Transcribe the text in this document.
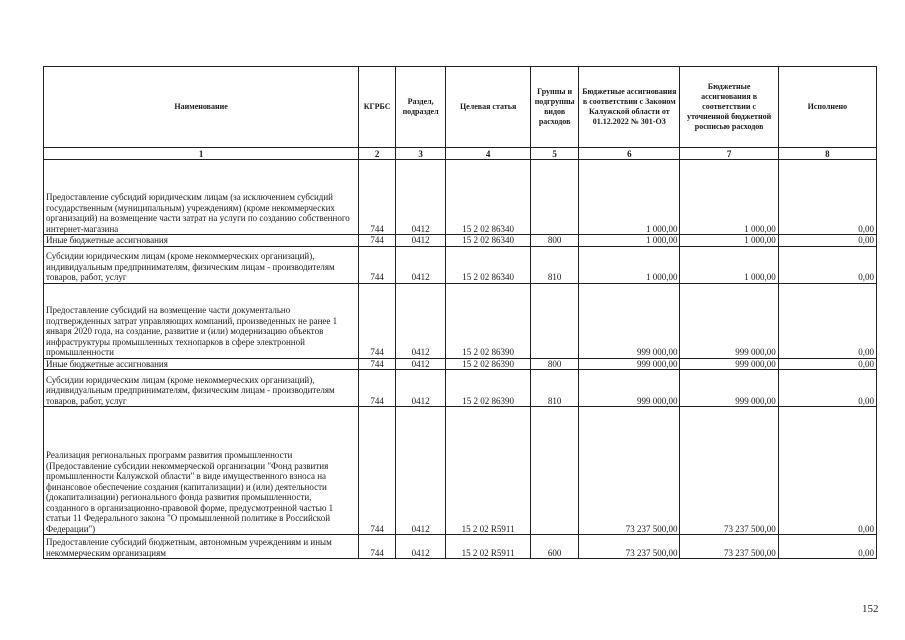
Наименование	КГРБС	Раздел, подраздел	Целевая статья	Группы и подгруппы видов расходов	Бюджетные ассигнования в соответствии с Законом Калужской области от 01.12.2022 № 301-ОЗ	Бюджетные ассигнования в соответствии с уточненной бюджетной росписью расходов	Исполнено
1	2	3	4	5	6	7	8
Предоставление субсидий юридическим лицам (за исключением субсидий государственным (муниципальным) учреждениям) (кроме некоммерческих организаций) на возмещение части затрат на услуги по созданию собственного интернет-магазина	744	0412	15 2 02 86340		1 000,00	1 000,00	0,00
Иные бюджетные ассигнования	744	0412	15 2 02 86340	800	1 000,00	1 000,00	0,00
Субсидии юридическим лицам (кроме некоммерческих организаций), индивидуальным предпринимателям, физическим лицам - производителям товаров, работ, услуг	744	0412	15 2 02 86340	810	1 000,00	1 000,00	0,00
Предоставление субсидий на возмещение части документально подтвержденных затрат управляющих компаний, произведенных не ранее 1 января 2020 года, на создание, развитие и (или) модернизацию объектов инфраструктуры промышленных технопарков в сфере электронной промышленности	744	0412	15 2 02 86390		999 000,00	999 000,00	0,00
Иные бюджетные ассигнования	744	0412	15 2 02 86390	800	999 000,00	999 000,00	0,00
Субсидии юридическим лицам (кроме некоммерческих организаций), индивидуальным предпринимателям, физическим лицам - производителям товаров, работ, услуг	744	0412	15 2 02 86390	810	999 000,00	999 000,00	0,00
Реализация региональных программ развития промышленности (Предоставление субсидии некоммерческой организации "Фонд развития промышленности Калужской области" в виде имущественного взноса на финансовое обеспечение создания (капитализации) и (или) деятельности (докапитализации) регионального фонда развития промышленности, созданного в организационно-правовой форме, предусмотренной частью 1 статьи 11 Федерального закона "О промышленной политике в Российской Федерации")	744	0412	15 2 02 R5911		73 237 500,00	73 237 500,00	0,00
Предоставление субсидий бюджетным, автономным учреждениям и иным некоммерческим организациям	744	0412	15 2 02 R5911	600	73 237 500,00	73 237 500,00	0,00
152
